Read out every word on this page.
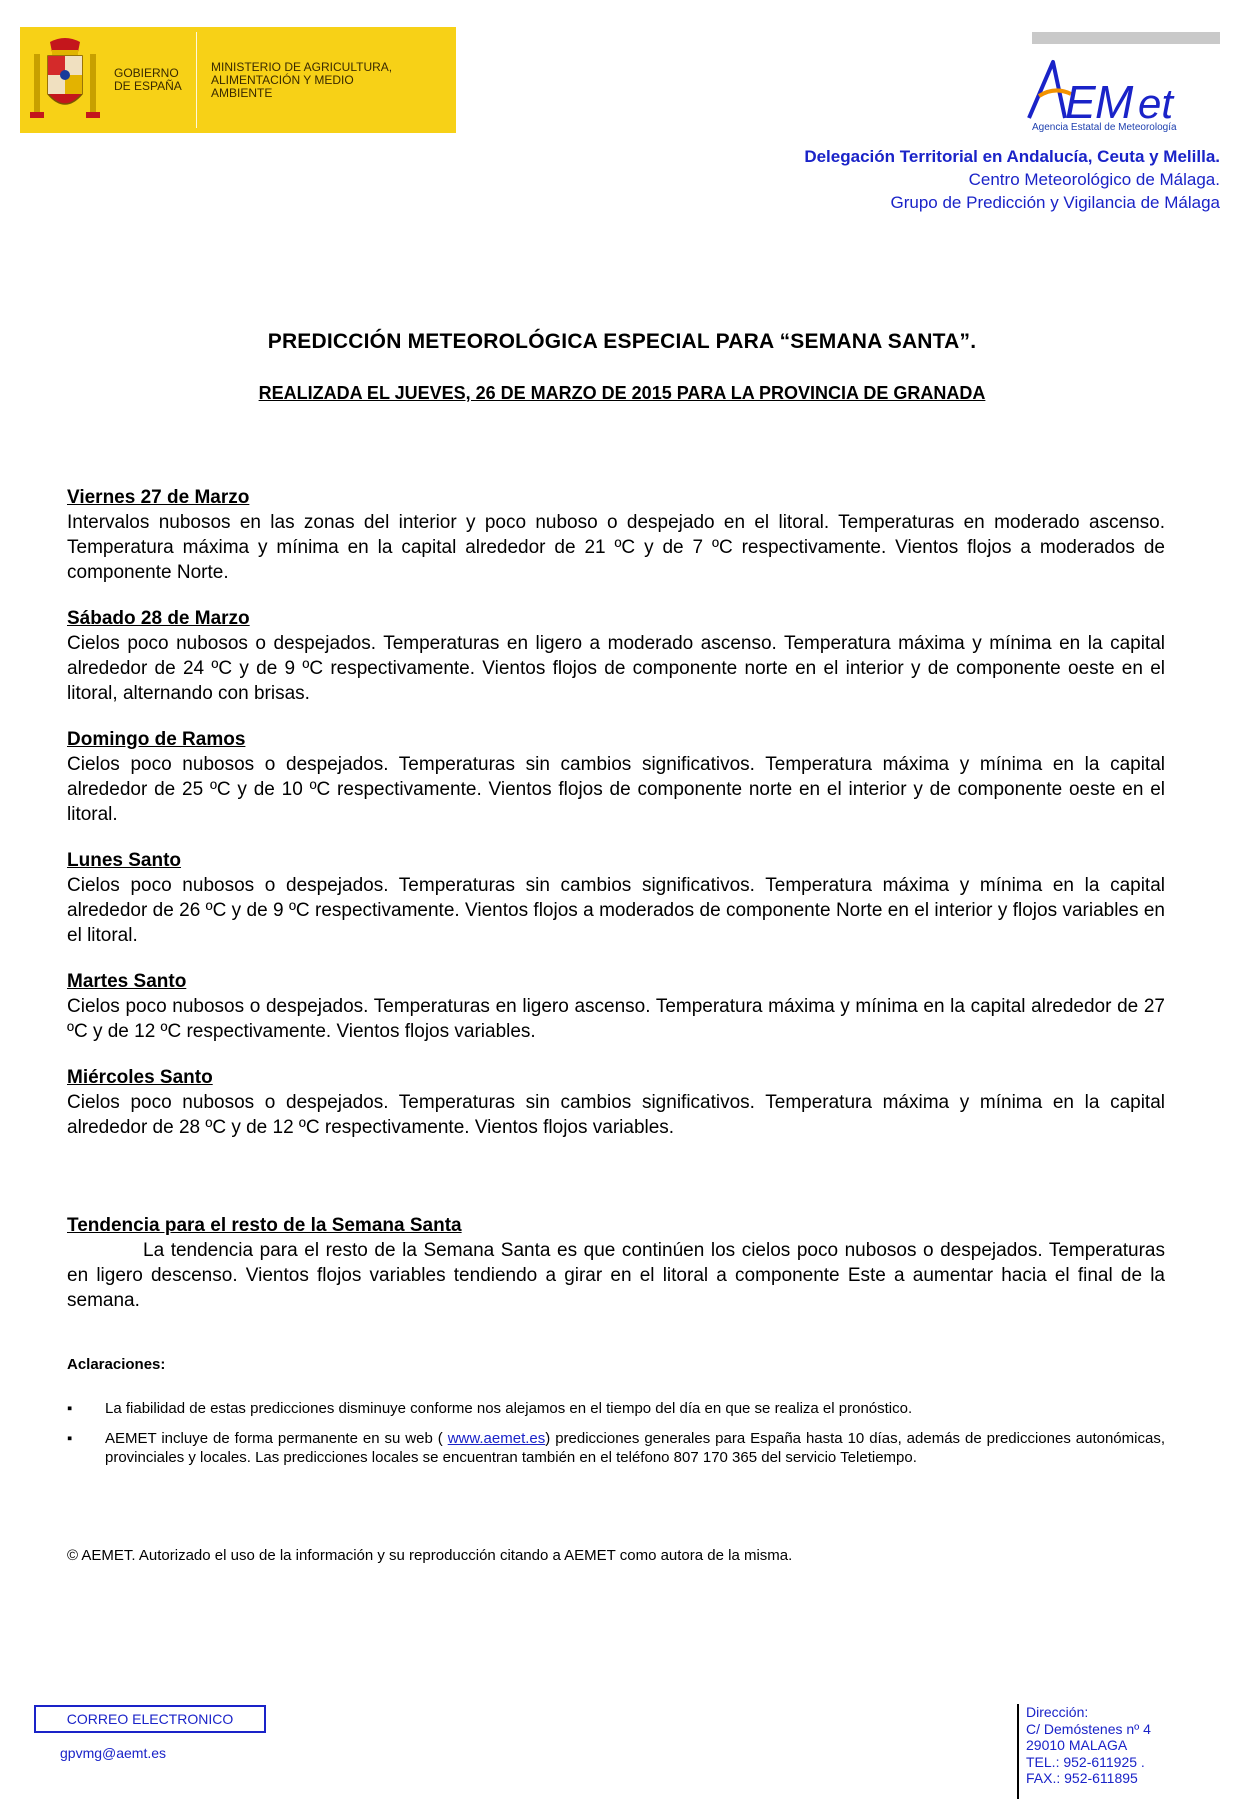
GOBIERNO DE ESPAÑA
MINISTERIO DE AGRICULTURA, ALIMENTACIÓN Y MEDIO AMBIENTE	E M et
Agencia Estatal de Meteorología
Delegación Territorial en Andalucía, Ceuta y Melilla.
Centro Meteorológico de Málaga.
Grupo de Predicción y Vigilancia de Málaga
PREDICCIÓN METEOROLÓGICA ESPECIAL PARA “SEMANA SANTA”.
REALIZADA EL JUEVES, 26 DE MARZO DE 2015 PARA LA PROVINCIA DE GRANADA
Viernes 27 de Marzo
Intervalos nubosos en las zonas del interior y poco nuboso o despejado en el litoral. Temperaturas en moderado ascenso. Temperatura máxima y mínima en la capital alrededor de 21 ºC y de 7 ºC respectivamente. Vientos flojos a moderados de componente Norte.
Sábado 28 de Marzo
Cielos poco nubosos o despejados. Temperaturas en ligero a moderado ascenso. Temperatura máxima y mínima en la capital alrededor de 24 ºC y de 9 ºC respectivamente. Vientos flojos de componente norte en el interior y de componente oeste en el litoral, alternando con brisas.
Domingo de Ramos
Cielos poco nubosos o despejados. Temperaturas sin cambios significativos. Temperatura máxima y mínima en la capital alrededor de 25 ºC y de 10 ºC respectivamente. Vientos flojos de componente norte en el interior y de componente oeste en el litoral.
Lunes Santo
Cielos poco nubosos o despejados. Temperaturas sin cambios significativos. Temperatura máxima y mínima en la capital alrededor de 26 ºC y de 9 ºC respectivamente. Vientos flojos a moderados de componente Norte en el interior y flojos variables en el litoral.
Martes Santo
Cielos poco nubosos o despejados. Temperaturas en ligero ascenso. Temperatura máxima y mínima en la capital alrededor de 27 ºC y de 12 ºC respectivamente. Vientos flojos variables.
Miércoles Santo
Cielos poco nubosos o despejados. Temperaturas sin cambios significativos. Temperatura máxima y mínima en la capital alrededor de 28 ºC y de 12 ºC respectivamente. Vientos flojos variables.
Tendencia para el resto de la Semana Santa
La tendencia para el resto de la Semana Santa es que continúen los cielos poco nubosos o despejados. Temperaturas en ligero descenso. Vientos flojos variables tendiendo a girar en el litoral a componente Este a aumentar hacia el final de la semana.
Aclaraciones:
▪ La fiabilidad de estas predicciones disminuye conforme nos alejamos en el tiempo del día en que se realiza el pronóstico.
▪ AEMET incluye de forma permanente en su web ( www.aemet.es) predicciones generales para España hasta 10 días, además de predicciones autonómicas, provinciales y locales. Las predicciones locales se encuentran también en el teléfono 807 170 365 del servicio Teletiempo.
© AEMET. Autorizado el uso de la información y su reproducción citando a AEMET como autora de la misma.
CORREO ELECTRONICO
gpvmg@aemt.es
Dirección:
C/ Demóstenes nº 4
29010 MALAGA
TEL.: 952-611925 .
FAX.: 952-611895
